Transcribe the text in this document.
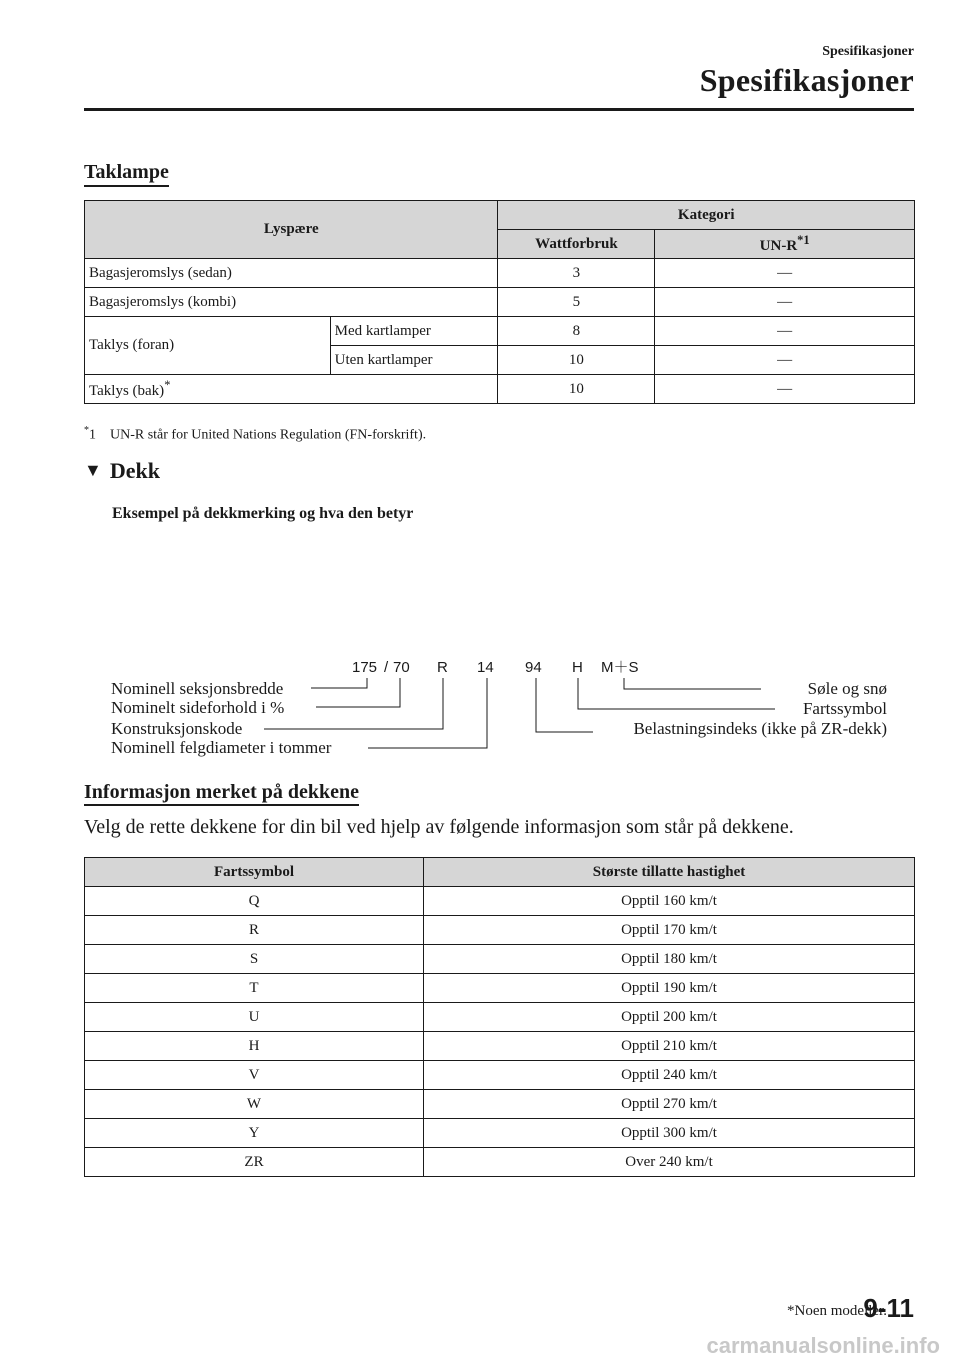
Spesifikasjoner
Spesifikasjoner
Taklampe
Lyspære		Kategori	
		Wattforbruk	$UN-R^{*1}$
Bagasjeromslys (sedan)		3	—
Bagasjeromslys (kombi)		5	—
Taklys (foran)	Med kartlamper	8	—
	Uten kartlamper	10	—
Taklys (bak)*		10	—
*1 UN-R står for United Nations Regulation (FN-forskrift).
▼ Dekk
Eksempel på dekkmerking og hva den betyr
175 / 70 R 14 94 H M＋S
Nominell seksjonsbredde
Nominelt sideforhold i %
Konstruksjonskode
Nominell felgdiameter i tommer
Søle og snø
Fartssymbol
Belastningsindeks (ikke på ZR-dekk)
Informasjon merket på dekkene
Velg de rette dekkene for din bil ved hjelp av følgende informasjon som står på dekkene.
Fartssymbol	Største tillatte hastighet
Q	Opptil 160 km/t
R	Opptil 170 km/t
S	Opptil 180 km/t
T	Opptil 190 km/t
U	Opptil 200 km/t
H	Opptil 210 km/t
V	Opptil 240 km/t
W	Opptil 270 km/t
Y	Opptil 300 km/t
ZR	Over 240 km/t
*Noen modeller.
9-11
carmanualsonline.info
